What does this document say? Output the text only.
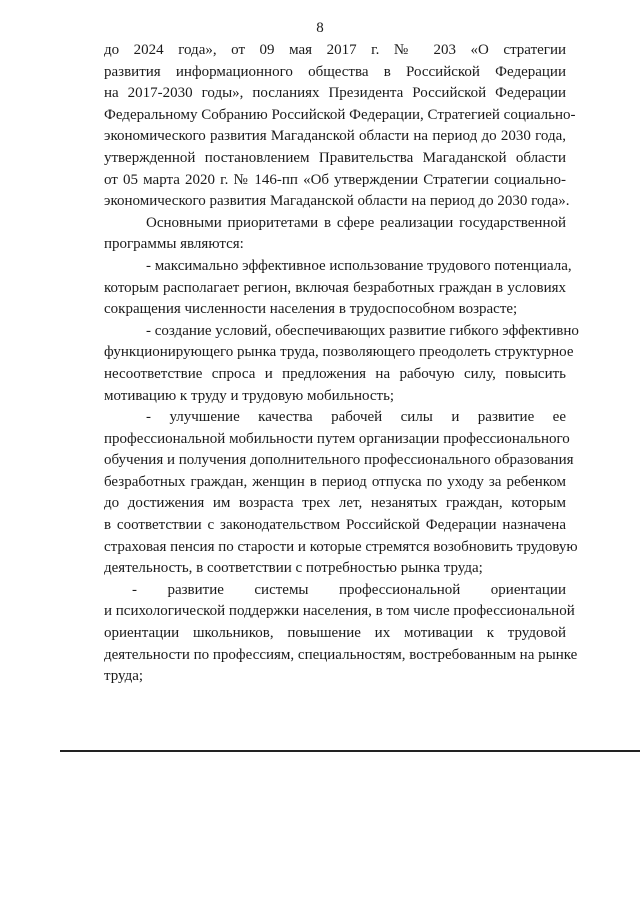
8
до 2024 года», от 09 мая 2017 г. № 203 «О стратегии
развития информационного общества в Российской Федерации
на 2017-2030 годы», посланиях Президента Российской Федерации
Федеральному Собранию Российской Федерации, Стратегией социально-
экономического развития Магаданской области на период до 2030 года,
утвержденной постановлением Правительства Магаданской области
от 05 марта 2020 г. № 146-пп «Об утверждении Стратегии социально-
экономического развития Магаданской области на период до 2030 года».
Основными приоритетами в сфере реализации государственной
программы являются:
- максимально эффективное использование трудового потенциала,
которым располагает регион, включая безработных граждан в условиях
сокращения численности населения в трудоспособном возрасте;
- создание условий, обеспечивающих развитие гибкого эффективно
функционирующего рынка труда, позволяющего преодолеть структурное
несоответствие спроса и предложения на рабочую силу, повысить
мотивацию к труду и трудовую мобильность;
- улучшение качества рабочей силы и развитие ее
профессиональной мобильности путем организации профессионального
обучения и получения дополнительного профессионального образования
безработных граждан, женщин в период отпуска по уходу за ребенком
до достижения им возраста трех лет, незанятых граждан, которым
в соответствии с законодательством Российской Федерации назначена
страховая пенсия по старости и которые стремятся возобновить трудовую
деятельность, в соответствии с потребностью рынка труда;
- развитие системы профессиональной ориентации
и психологической поддержки населения, в том числе профессиональной
ориентации школьников, повышение их мотивации к трудовой
деятельности по профессиям, специальностям, востребованным на рынке
труда;
